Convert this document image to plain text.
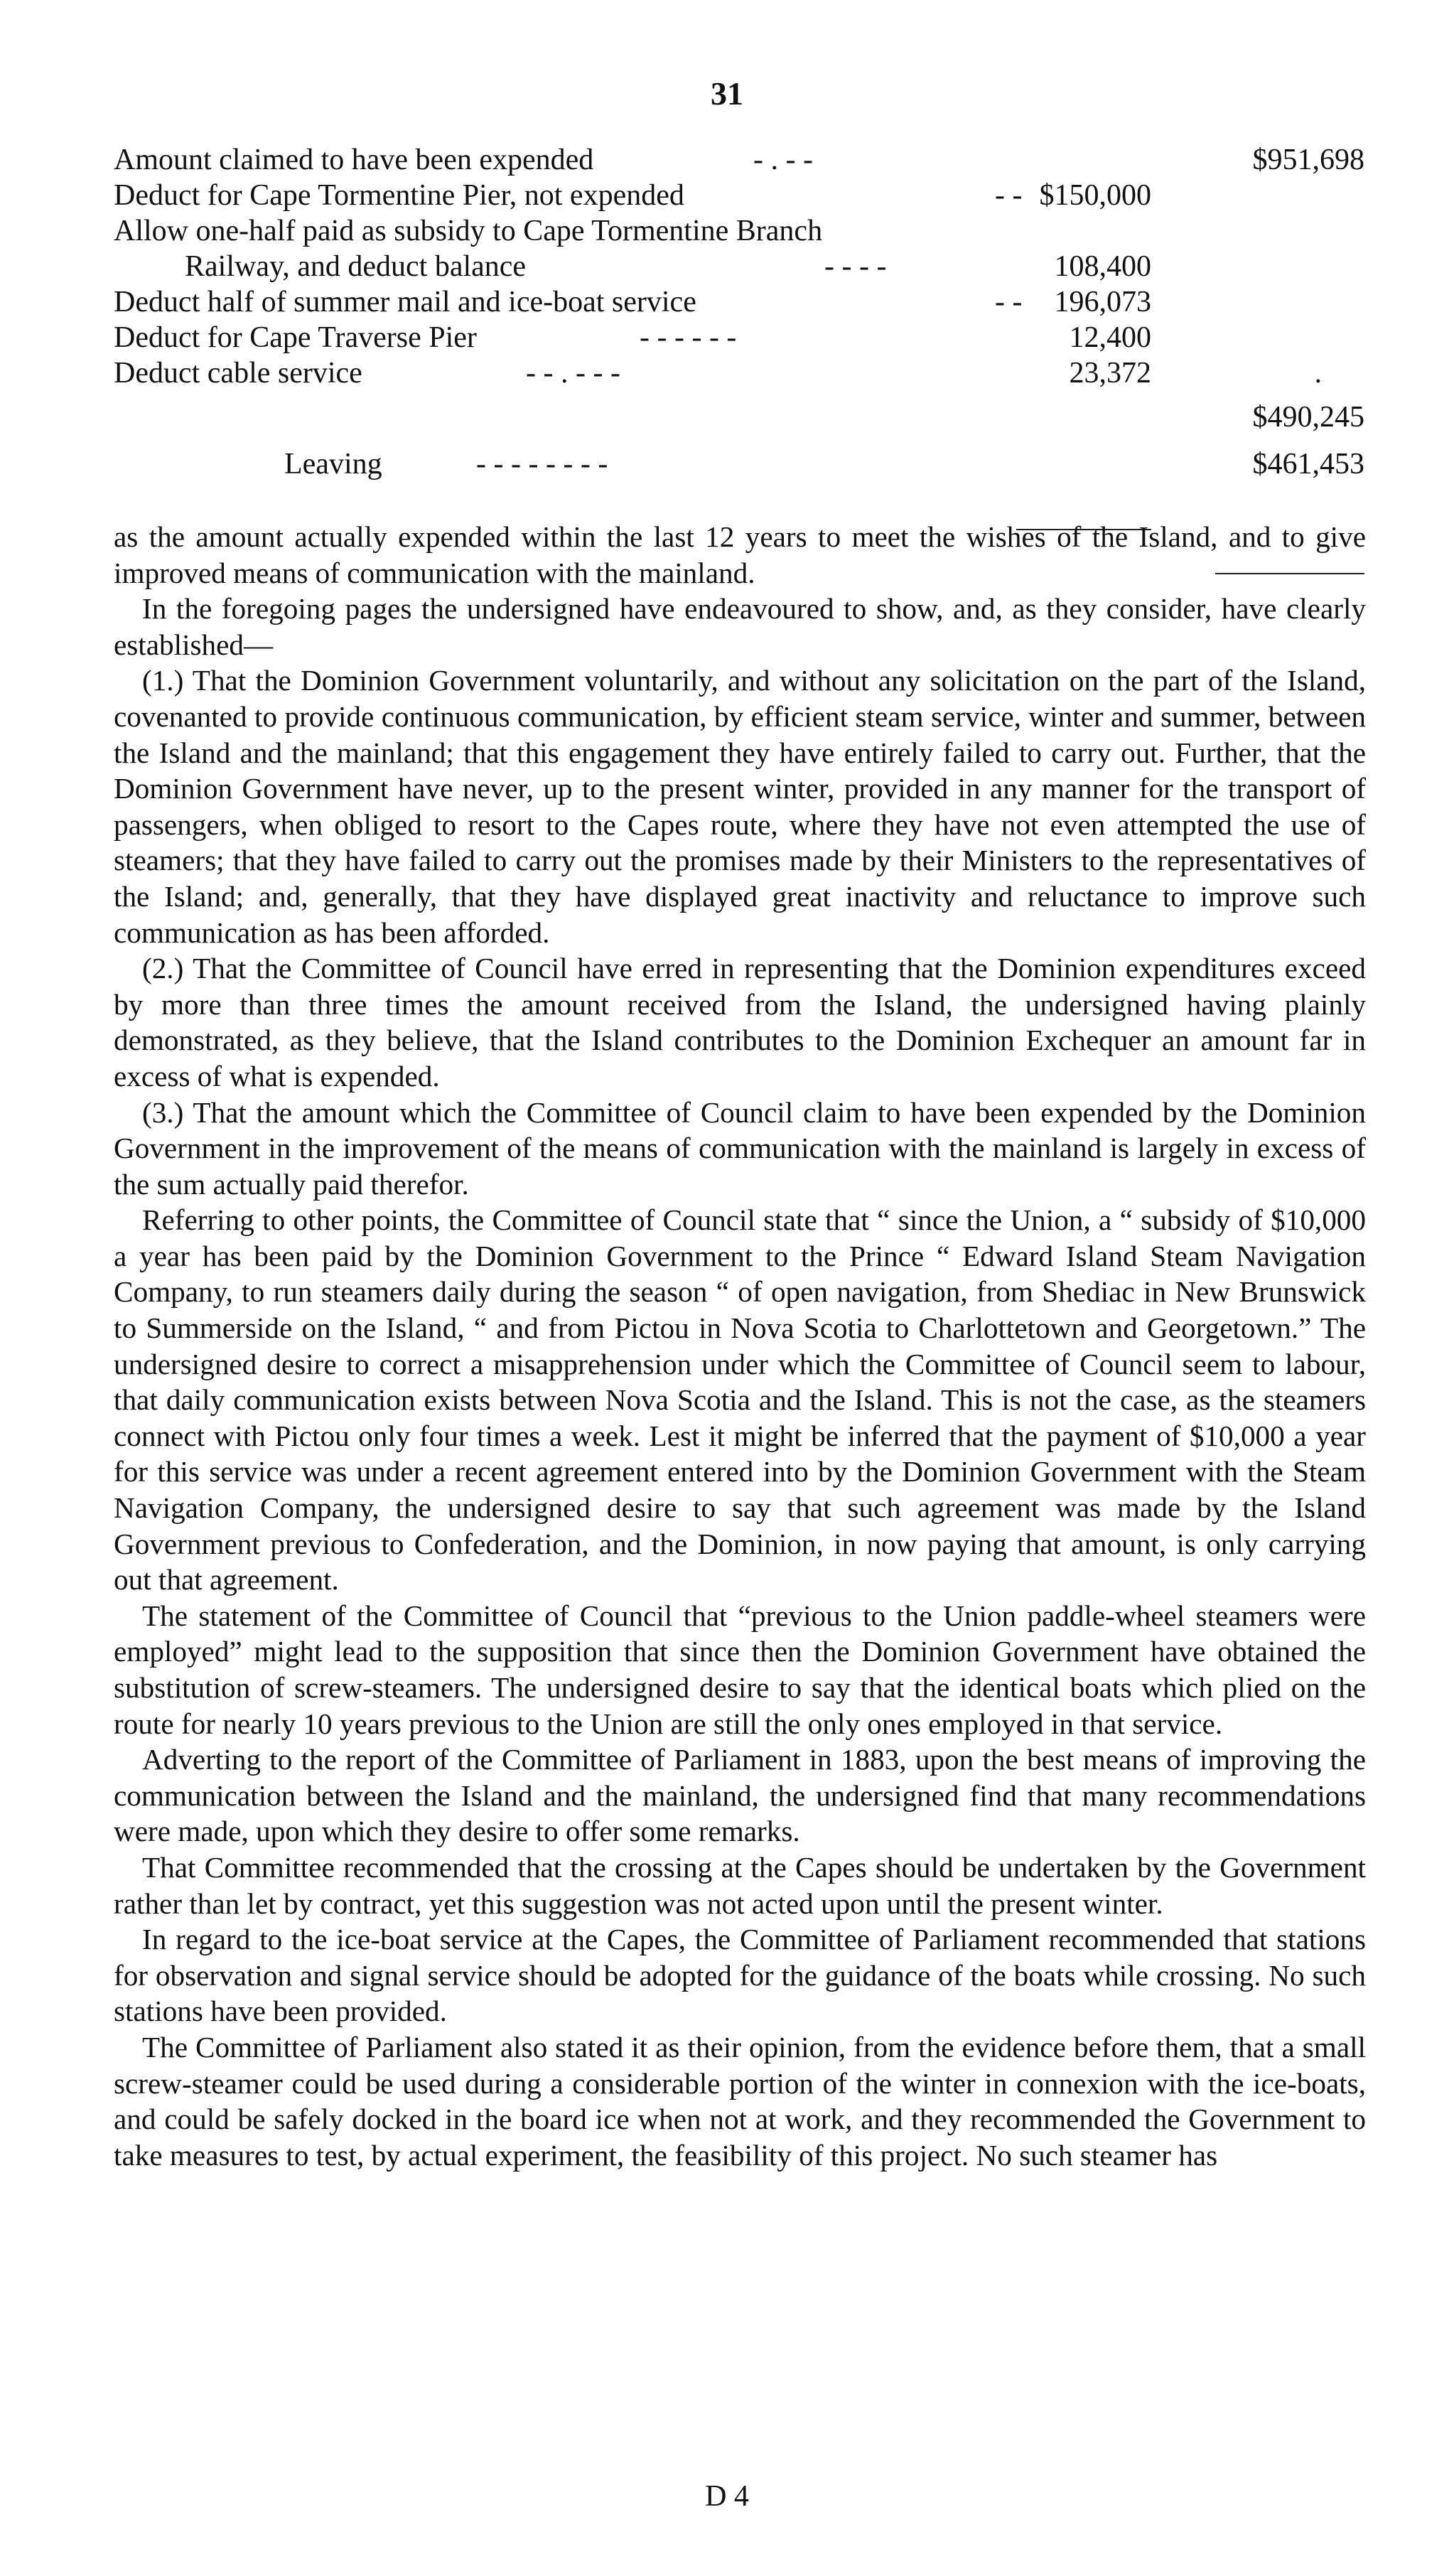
31
Amount claimed to have been expended	- . - -	$951,698
Deduct for Cape Tormentine Pier, not expended	- - $150,000
Allow one-half paid as subsidy to Cape Tormentine Branch
Railway, and deduct balance	- - - -	108,400
Deduct half of summer mail and ice-boat service	- -	196,073
Deduct for Cape Traverse Pier	- - - - - -	12,400
Deduct cable service	- - . - - -	23,372	.
$490,245
Leaving	- - - - - - - -	$461,453

as the amount actually expended within the last 12 years to meet the wishes of the Island, and to give improved means of communication with the mainland.

In the foregoing pages the undersigned have endeavoured to show, and, as they consider, have clearly established—

(1.) That the Dominion Government voluntarily, and without any solicitation on the part of the Island, covenanted to provide continuous communication, by efficient steam service, winter and summer, between the Island and the mainland; that this engagement they have entirely failed to carry out. Further, that the Dominion Government have never, up to the present winter, provided in any manner for the transport of passengers, when obliged to resort to the Capes route, where they have not even attempted the use of steamers; that they have failed to carry out the promises made by their Ministers to the representatives of the Island; and, generally, that they have displayed great inactivity and reluctance to improve such communication as has been afforded.

(2.) That the Committee of Council have erred in representing that the Dominion expenditures exceed by more than three times the amount received from the Island, the undersigned having plainly demonstrated, as they believe, that the Island contributes to the Dominion Exchequer an amount far in excess of what is expended.

(3.) That the amount which the Committee of Council claim to have been expended by the Dominion Government in the improvement of the means of communication with the mainland is largely in excess of the sum actually paid therefor.

Referring to other points, the Committee of Council state that “ since the Union, a “ subsidy of $10,000 a year has been paid by the Dominion Government to the Prince “ Edward Island Steam Navigation Company, to run steamers daily during the season “ of open navigation, from Shediac in New Brunswick to Summerside on the Island, “ and from Pictou in Nova Scotia to Charlottetown and Georgetown.” The undersigned desire to correct a misapprehension under which the Committee of Council seem to labour, that daily communication exists between Nova Scotia and the Island. This is not the case, as the steamers connect with Pictou only four times a week. Lest it might be inferred that the payment of $10,000 a year for this service was under a recent agreement entered into by the Dominion Government with the Steam Navigation Company, the undersigned desire to say that such agreement was made by the Island Government previous to Confederation, and the Dominion, in now paying that amount, is only carrying out that agreement.

The statement of the Committee of Council that “previous to the Union paddle-wheel steamers were employed” might lead to the supposition that since then the Dominion Government have obtained the substitution of screw-steamers. The undersigned desire to say that the identical boats which plied on the route for nearly 10 years previous to the Union are still the only ones employed in that service.

Adverting to the report of the Committee of Parliament in 1883, upon the best means of improving the communication between the Island and the mainland, the undersigned find that many recommendations were made, upon which they desire to offer some remarks.

That Committee recommended that the crossing at the Capes should be undertaken by the Government rather than let by contract, yet this suggestion was not acted upon until the present winter.

In regard to the ice-boat service at the Capes, the Committee of Parliament recommended that stations for observation and signal service should be adopted for the guidance of the boats while crossing. No such stations have been provided.

The Committee of Parliament also stated it as their opinion, from the evidence before them, that a small screw-steamer could be used during a considerable portion of the winter in connexion with the ice-boats, and could be safely docked in the board ice when not at work, and they recommended the Government to take measures to test, by actual experiment, the feasibility of this project. No such steamer has

D 4
